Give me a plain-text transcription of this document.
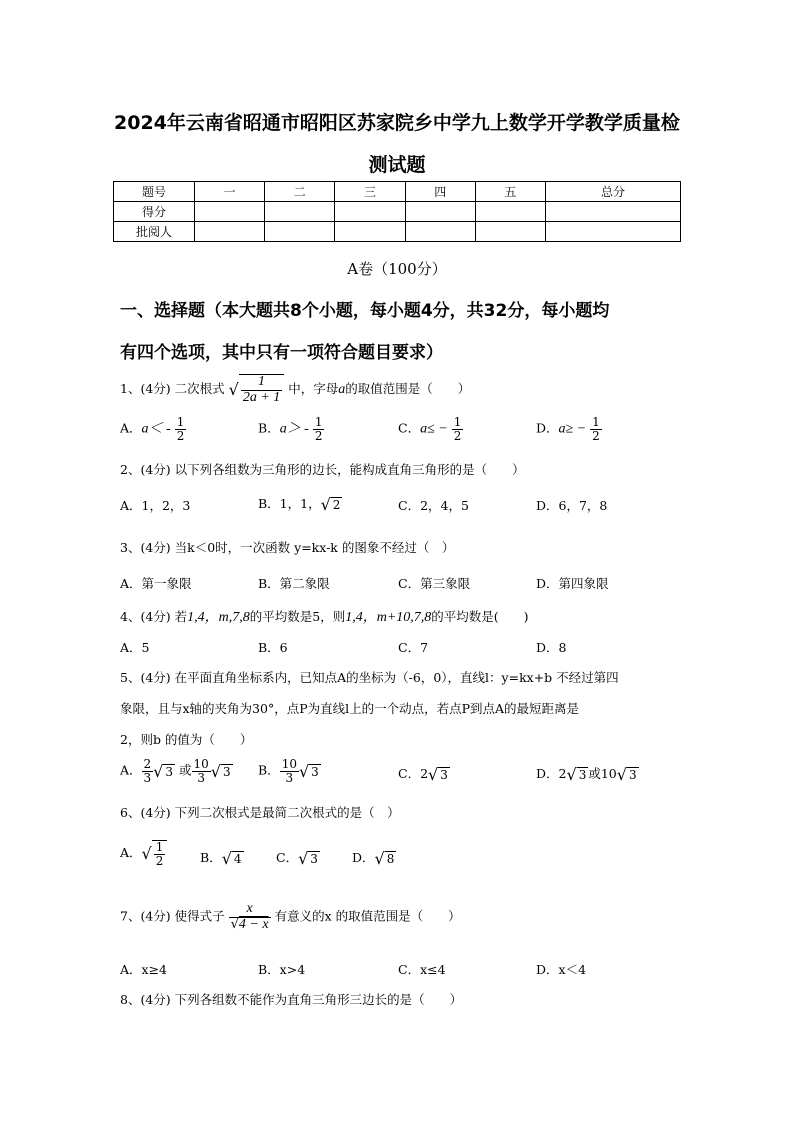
2024年云南省昭通市昭阳区苏家院乡中学九上数学开学教学质量检
测试题
题号	一	二	三	四	五	总分
得分						
批阅人						
A卷（100分）
一、选择题（本大题共8个小题，每小题4分，共32分，每小题均
有四个选项，其中只有一项符合题目要求）
1、(4分) 二次根式 √ $\frac{1}{2a + 1}$ 中，字母a的取值范围是（　　）
A．$a< - \frac{1}{2}$	B．$a> - \frac{1}{2}$	C．$a\le - \frac{1}{2}$	D．$a\ge - \frac{1}{2}$
2、(4分) 以下列各组数为三角形的边长，能构成直角三角形的是（　　）
A．1，2，3	B．1，1，√ 2	C．2，4，5	D．6，7，8
3、(4分) 当k＜0时，一次函数 y=kx-k 的图象不经过（　）
A．第一象限	B．第二象限	C．第三象限	D．第四象限
4、(4分) 若1,4，m,7,8的平均数是5，则1,4，m+10,7,8的平均数是(　　)
A．5	B．6	C．7	D．8
5、(4分) 在平面直角坐标系内，已知点A的坐标为（-6，0），直线l：y=kx+b 不经过第四
象限，且与x轴的夹角为30°，点P为直线l上的一个动点，若点P到点A的最短距离是
2，则b 的值为（　　）
A． $\frac{2}{3}$ √ 3 或 $\frac{10}{3}$ √ 3 B． $\frac{10}{3}$ √ 3	C．2√ 3	D．2√ 3 或10√ 3
6、(4分) 下列二次根式是最简二次根式的是（　）
A．√ $\frac{1}{2}$	B．√ 4	C．√ 3	D．√ 8
7、(4分) 使得式子 $\frac{x}{√4 - x}$ 有意义的x 的取值范围是（　　）
A．x≥4	B．x>4	C．x≤4	D．x＜4
8、(4分) 下列各组数不能作为直角三角形三边长的是（　　）
